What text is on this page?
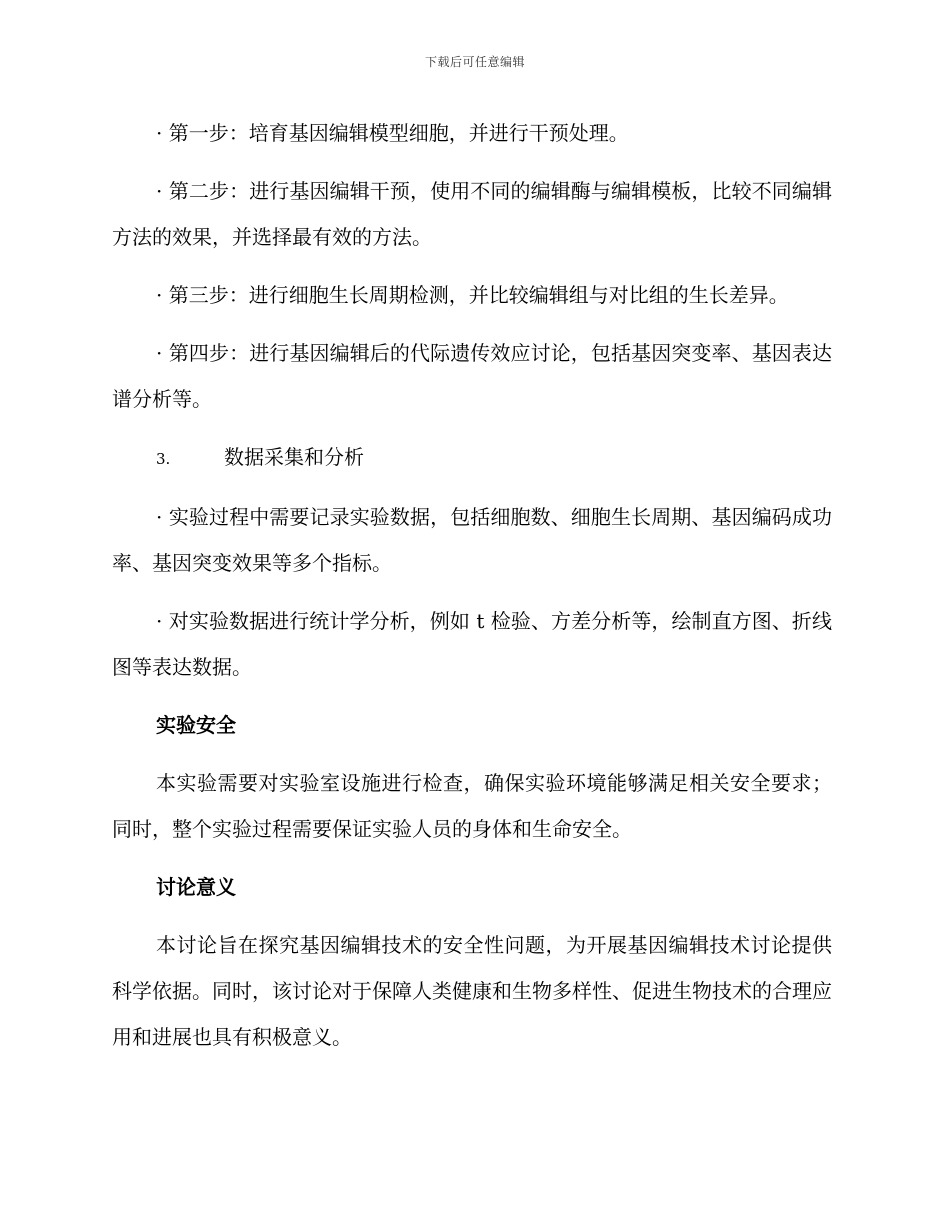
下载后可任意编辑

· 第一步：培育基因编辑模型细胞，并进行干预处理。

· 第二步：进行基因编辑干预，使用不同的编辑酶与编辑模板，比较不同编辑方法的效果，并选择最有效的方法。

· 第三步：进行细胞生长周期检测，并比较编辑组与对比组的生长差异。

· 第四步：进行基因编辑后的代际遗传效应讨论，包括基因突变率、基因表达谱分析等。

3.	数据采集和分析

· 实验过程中需要记录实验数据，包括细胞数、细胞生长周期、基因编码成功率、基因突变效果等多个指标。

· 对实验数据进行统计学分析，例如 t 检验、方差分析等，绘制直方图、折线图等表达数据。

实验安全

本实验需要对实验室设施进行检查，确保实验环境能够满足相关安全要求；同时，整个实验过程需要保证实验人员的身体和生命安全。

讨论意义

本讨论旨在探究基因编辑技术的安全性问题，为开展基因编辑技术讨论提供科学依据。同时，该讨论对于保障人类健康和生物多样性、促进生物技术的合理应用和进展也具有积极意义。
